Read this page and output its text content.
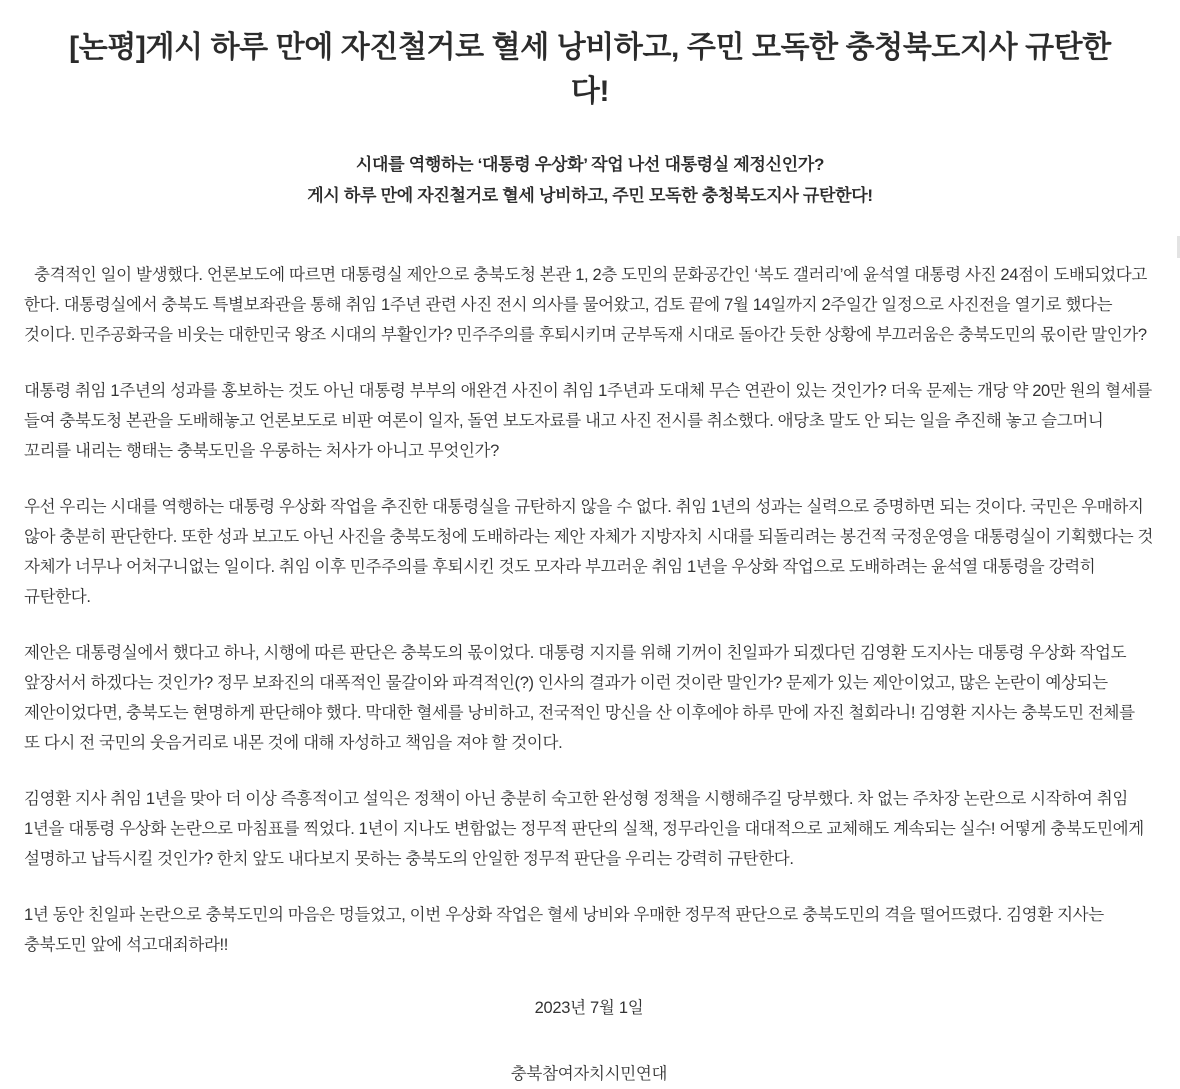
[논평]게시 하루 만에 자진철거로 혈세 낭비하고, 주민 모독한 충청북도지사 규탄한다!
시대를 역행하는 ‘대통령 우상화’ 작업 나선 대통령실 제정신인가?
게시 하루 만에 자진철거로 혈세 낭비하고, 주민 모독한 충청북도지사 규탄한다!

충격적인 일이 발생했다. 언론보도에 따르면 대통령실 제안으로 충북도청 본관 1, 2층 도민의 문화공간인 ‘복도 갤러리’에 윤석열 대통령 사진 24점이 도배되었다고 한다. 대통령실에서 충북도 특별보좌관을 통해 취임 1주년 관련 사진 전시 의사를 물어왔고, 검토 끝에 7월 14일까지 2주일간 일정으로 사진전을 열기로 했다는 것이다. 민주공화국을 비웃는 대한민국 왕조 시대의 부활인가? 민주주의를 후퇴시키며 군부독재 시대로 돌아간 듯한 상황에 부끄러움은 충북도민의 몫이란 말인가?

대통령 취임 1주년의 성과를 홍보하는 것도 아닌 대통령 부부의 애완견 사진이 취임 1주년과 도대체 무슨 연관이 있는 것인가? 더욱 문제는 개당 약 20만 원의 혈세를 들여 충북도청 본관을 도배해놓고 언론보도로 비판 여론이 일자, 돌연 보도자료를 내고 사진 전시를 취소했다. 애당초 말도 안 되는 일을 추진해 놓고 슬그머니 꼬리를 내리는 행태는 충북도민을 우롱하는 처사가 아니고 무엇인가?

우선 우리는 시대를 역행하는 대통령 우상화 작업을 추진한 대통령실을 규탄하지 않을 수 없다. 취임 1년의 성과는 실력으로 증명하면 되는 것이다. 국민은 우매하지 않아 충분히 판단한다. 또한 성과 보고도 아닌 사진을 충북도청에 도배하라는 제안 자체가 지방자치 시대를 되돌리려는 봉건적 국정운영을 대통령실이 기획했다는 것 자체가 너무나 어처구니없는 일이다. 취임 이후 민주주의를 후퇴시킨 것도 모자라 부끄러운 취임 1년을 우상화 작업으로 도배하려는 윤석열 대통령을 강력히 규탄한다.

제안은 대통령실에서 했다고 하나, 시행에 따른 판단은 충북도의 몫이었다. 대통령 지지를 위해 기꺼이 친일파가 되겠다던 김영환 도지사는 대통령 우상화 작업도 앞장서서 하겠다는 것인가? 정무 보좌진의 대폭적인 물갈이와 파격적인(?) 인사의 결과가 이런 것이란 말인가? 문제가 있는 제안이었고, 많은 논란이 예상되는 제안이었다면, 충북도는 현명하게 판단해야 했다. 막대한 혈세를 낭비하고, 전국적인 망신을 산 이후에야 하루 만에 자진 철회라니! 김영환 지사는 충북도민 전체를 또 다시 전 국민의 웃음거리로 내몬 것에 대해 자성하고 책임을 져야 할 것이다.

김영환 지사 취임 1년을 맞아 더 이상 즉흥적이고 설익은 정책이 아닌 충분히 숙고한 완성형 정책을 시행해주길 당부했다. 차 없는 주차장 논란으로 시작하여 취임 1년을 대통령 우상화 논란으로 마침표를 찍었다. 1년이 지나도 변함없는 정무적 판단의 실책, 정무라인을 대대적으로 교체해도 계속되는 실수! 어떻게 충북도민에게 설명하고 납득시킬 것인가? 한치 앞도 내다보지 못하는 충북도의 안일한 정무적 판단을 우리는 강력히 규탄한다.

1년 동안 친일파 논란으로 충북도민의 마음은 멍들었고, 이번 우상화 작업은 혈세 낭비와 우매한 정무적 판단으로 충북도민의 격을 떨어뜨렸다. 김영환 지사는 충북도민 앞에 석고대죄하라!!

2023년 7월 1일
충북참여자치시민연대
